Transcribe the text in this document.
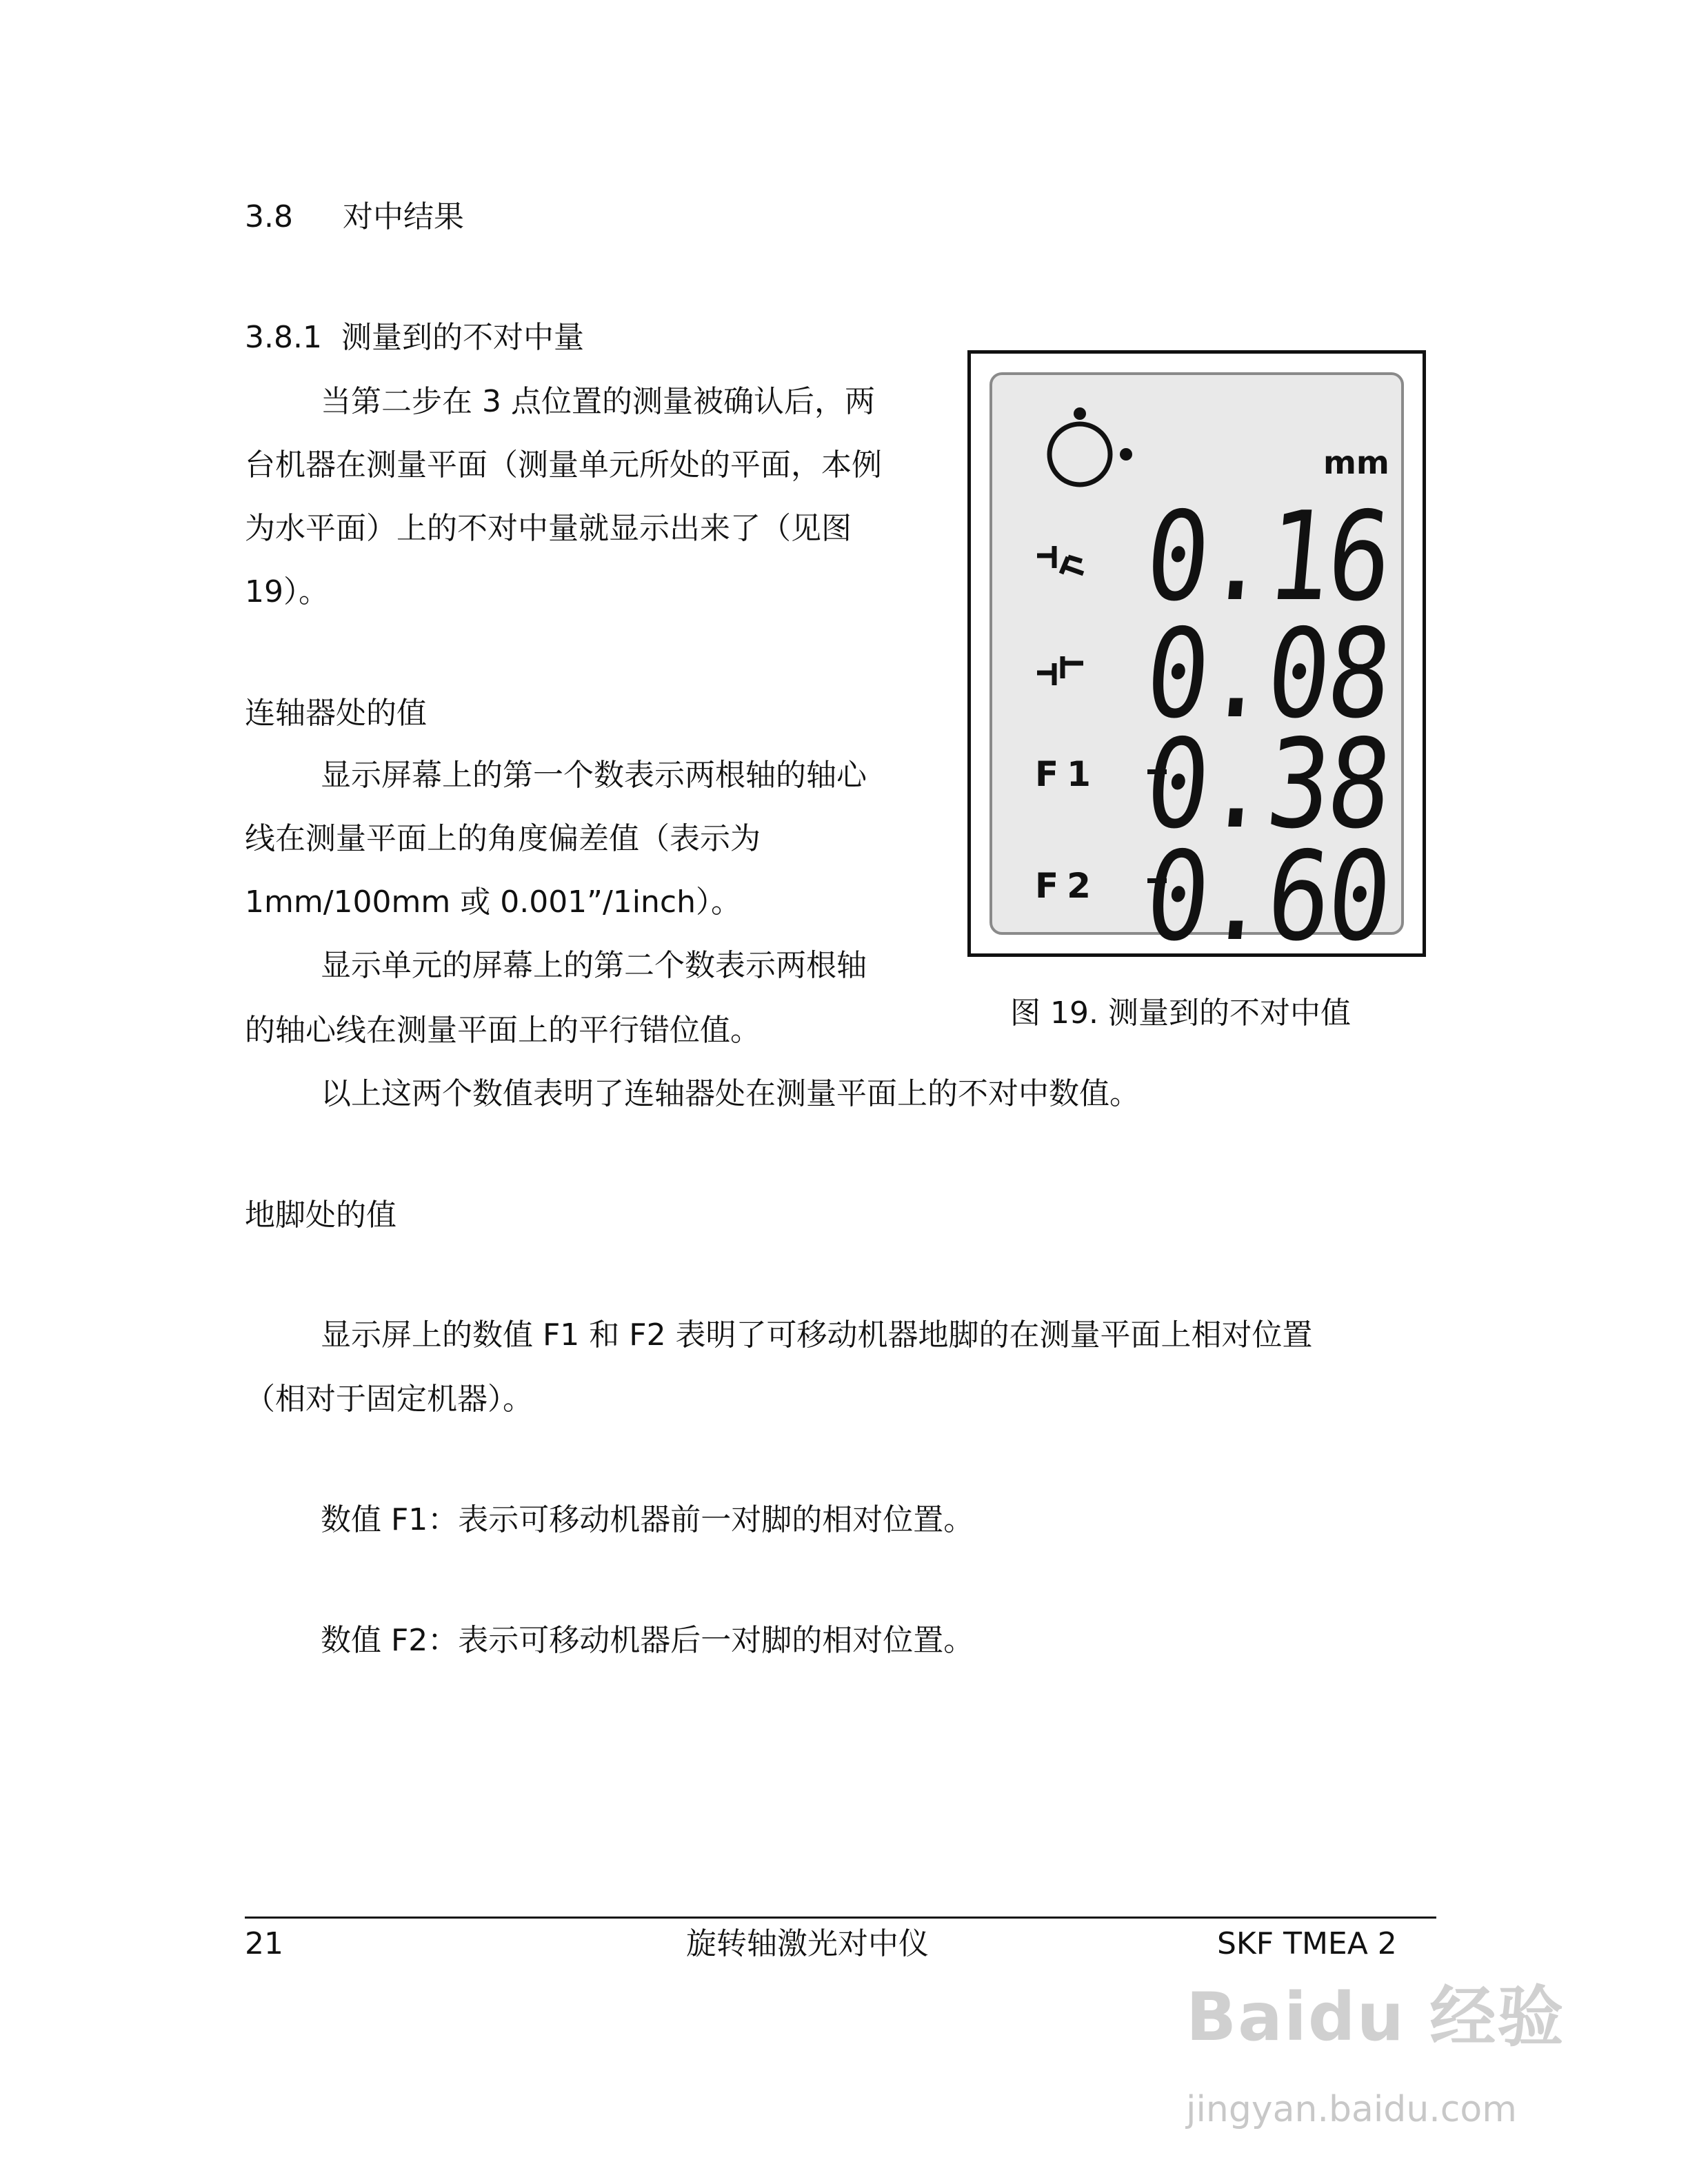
3.8 对中结果
3.8.1 测量到的不对中量
当第二步在 3 点位置的测量被确认后，两
台机器在测量平面（测量单元所处的平面，本例
为水平面）上的不对中量就显示出来了（见图
19）。
连轴器处的值
显示屏幕上的第一个数表示两根轴的轴心
线在测量平面上的角度偏差值（表示为
1mm/100mm 或 0.001”/1inch）。
显示单元的屏幕上的第二个数表示两根轴
的轴心线在测量平面上的平行错位值。
以上这两个数值表明了连轴器处在测量平面上的不对中数值。
地脚处的值
显示屏上的数值 F1 和 F2 表明了可移动机器地脚的在测量平面上相对位置
（相对于固定机器）。
数值 F1：表示可移动机器前一对脚的相对位置。
数值 F2：表示可移动机器后一对脚的相对位置。
mm
F1
F2
0.16
0.08
0.38
0.60
图 19. 测量到的不对中值
21	旋转轴激光对中仪	SKF TMEA 2
Baidu 经验
jingyan.baidu.com
